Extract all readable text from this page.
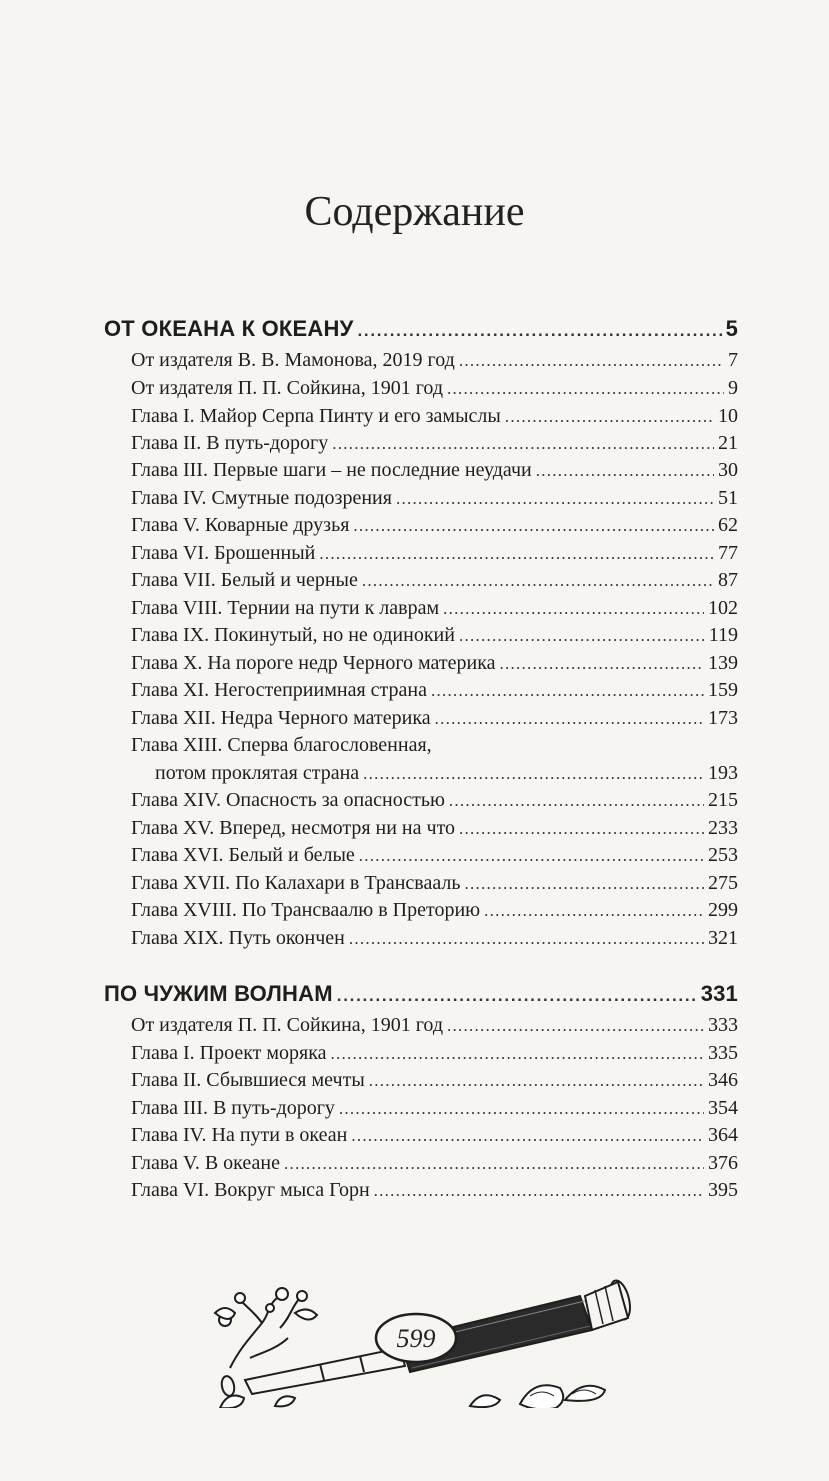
Содержание
ОТ ОКЕАНА К ОКЕАНУ . . .	5
От издателя В. В. Мамонова, 2019 год . . .	7
От издателя П. П. Сойкина, 1901 год . . .	9
Глава I. Майор Серпа Пинту и его замыслы . . .	10
Глава II. В путь-дорогу . . .	21
Глава III. Первые шаги – не последние неудачи . . .	30
Глава IV. Смутные подозрения . . .	51
Глава V. Коварные друзья . . .	62
Глава VI. Брошенный . . .	77
Глава VII. Белый и черные . . .	87
Глава VIII. Тернии на пути к лаврам . . .	102
Глава IX. Покинутый, но не одинокий . . .	119
Глава X. На пороге недр Черного материка . . .	139
Глава XI. Негостеприимная страна . . .	159
Глава XII. Недра Черного материка . . .	173
Глава XIII. Сперва благословенная,
потом проклятая страна . . .	193
Глава XIV. Опасность за опасностью . . .	215
Глава XV. Вперед, несмотря ни на что . . .	233
Глава XVI. Белый и белые . . .	253
Глава XVII. По Калахари в Трансвааль . . .	275
Глава XVIII. По Трансваалю в Преторию . . .	299
Глава XIX. Путь окончен . . .	321
ПО ЧУЖИМ ВОЛНАМ . . .	331
От издателя П. П. Сойкина, 1901 год . . .	333
Глава I. Проект моряка . . .	335
Глава II. Сбывшиеся мечты . . .	346
Глава III. В путь-дорогу . . .	354
Глава IV. На пути в океан . . .	364
Глава V. В океане . . .	376
Глава VI. Вокруг мыса Горн . . .	395
599
